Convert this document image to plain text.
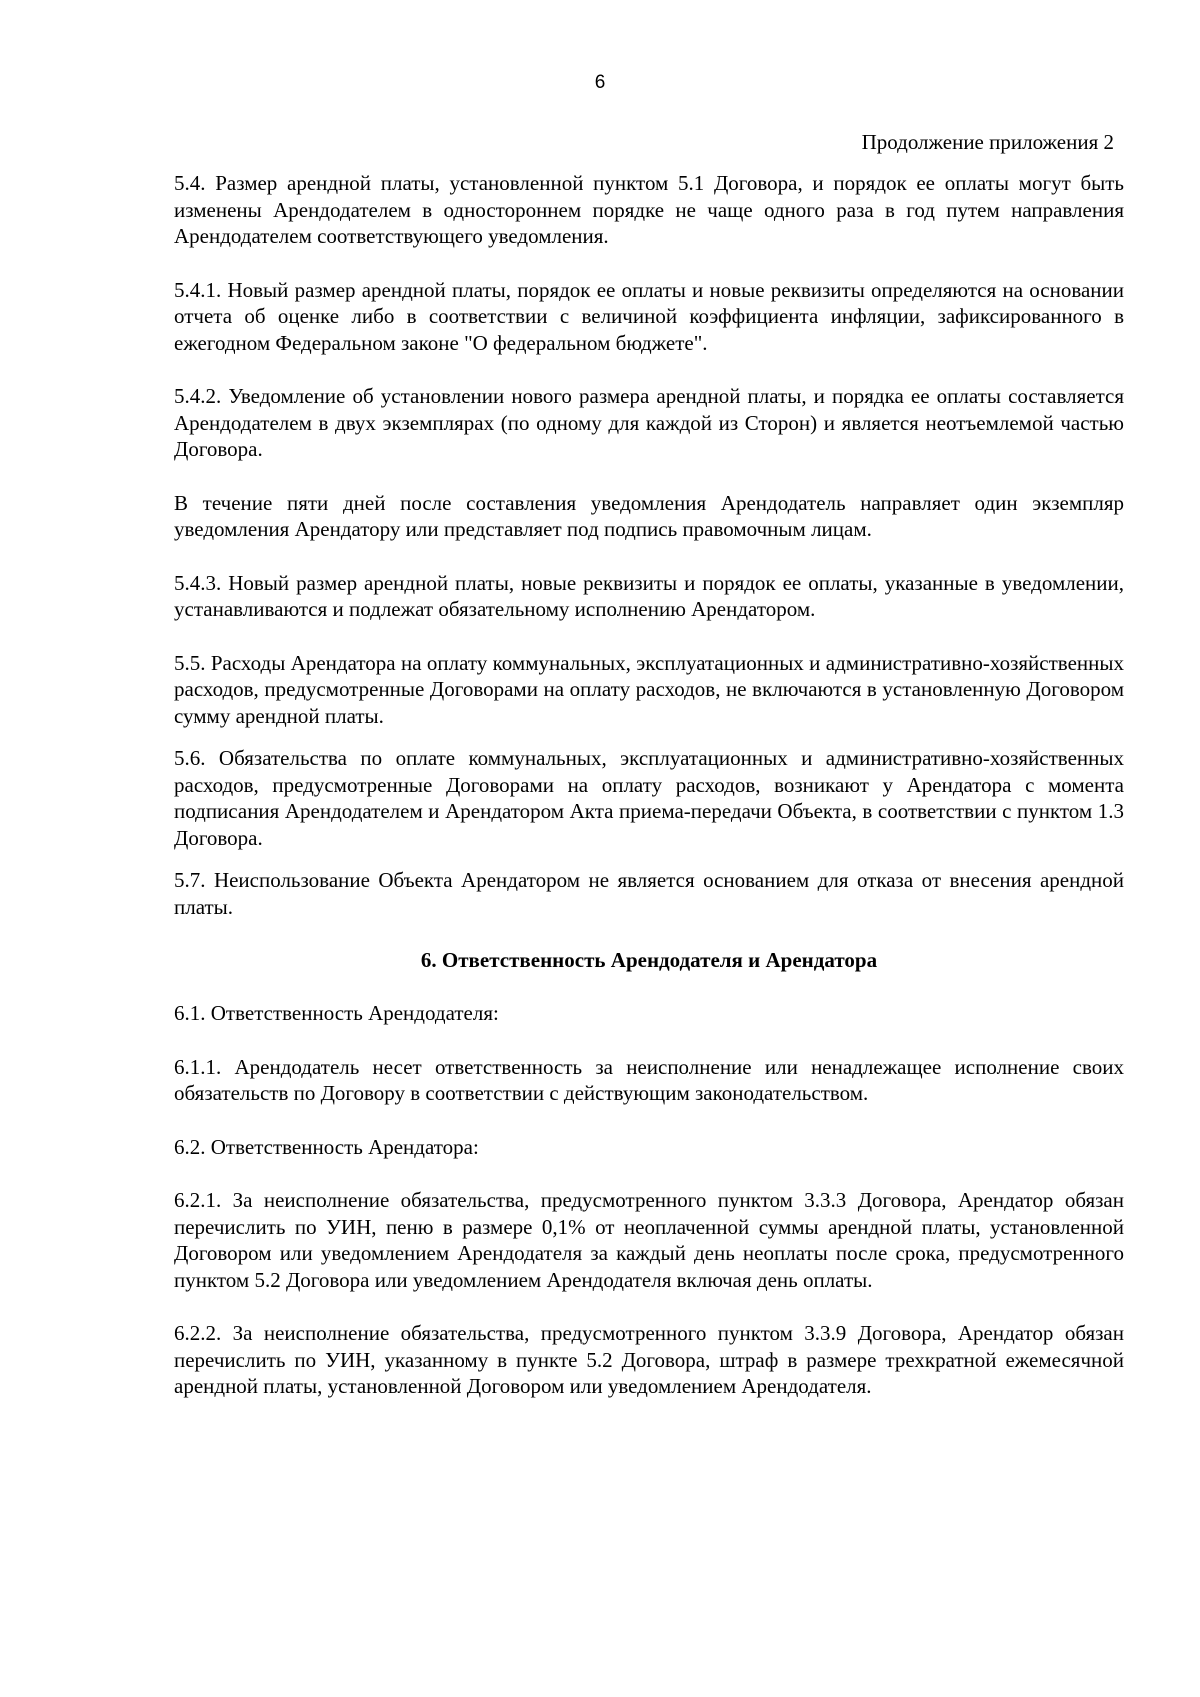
6
Продолжение приложения 2

5.4. Размер арендной платы, установленной пунктом 5.1 Договора, и порядок ее оплаты могут быть изменены Арендодателем в одностороннем порядке не чаще одного раза в год путем направления Арендодателем соответствующего уведомления.

5.4.1. Новый размер арендной платы, порядок ее оплаты и новые реквизиты определяются на основании отчета об оценке либо в соответствии с величиной коэффициента инфляции, зафиксированного в ежегодном Федеральном законе "О федеральном бюджете".

5.4.2. Уведомление об установлении нового размера арендной платы, и порядка ее оплаты составляется Арендодателем в двух экземплярах (по одному для каждой из Сторон) и является неотъемлемой частью Договора.

В течение пяти дней после составления уведомления Арендодатель направляет один экземпляр уведомления Арендатору или представляет под подпись правомочным лицам.

5.4.3. Новый размер арендной платы, новые реквизиты и порядок ее оплаты, указанные в уведомлении, устанавливаются и подлежат обязательному исполнению Арендатором.

5.5. Расходы Арендатора на оплату коммунальных, эксплуатационных и административно-хозяйственных расходов, предусмотренные Договорами на оплату расходов, не включаются в установленную Договором сумму арендной платы.

5.6. Обязательства по оплате коммунальных, эксплуатационных и административно-хозяйственных расходов, предусмотренные Договорами на оплату расходов, возникают у Арендатора с момента подписания Арендодателем и Арендатором Акта приема-передачи Объекта, в соответствии с пунктом 1.3 Договора.

5.7. Неиспользование Объекта Арендатором не является основанием для отказа от внесения арендной платы.

6. Ответственность Арендодателя и Арендатора

6.1. Ответственность Арендодателя:

6.1.1. Арендодатель несет ответственность за неисполнение или ненадлежащее исполнение своих обязательств по Договору в соответствии с действующим законодательством.

6.2. Ответственность Арендатора:

6.2.1. За неисполнение обязательства, предусмотренного пунктом 3.3.3 Договора, Арендатор обязан перечислить по УИН, пеню в размере 0,1% от неоплаченной суммы арендной платы, установленной Договором или уведомлением Арендодателя за каждый день неоплаты после срока, предусмотренного пунктом 5.2 Договора или уведомлением Арендодателя включая день оплаты.

6.2.2. За неисполнение обязательства, предусмотренного пунктом 3.3.9 Договора, Арендатор обязан перечислить по УИН, указанному в пункте 5.2 Договора, штраф в размере трехкратной ежемесячной арендной платы, установленной Договором или уведомлением Арендодателя.
